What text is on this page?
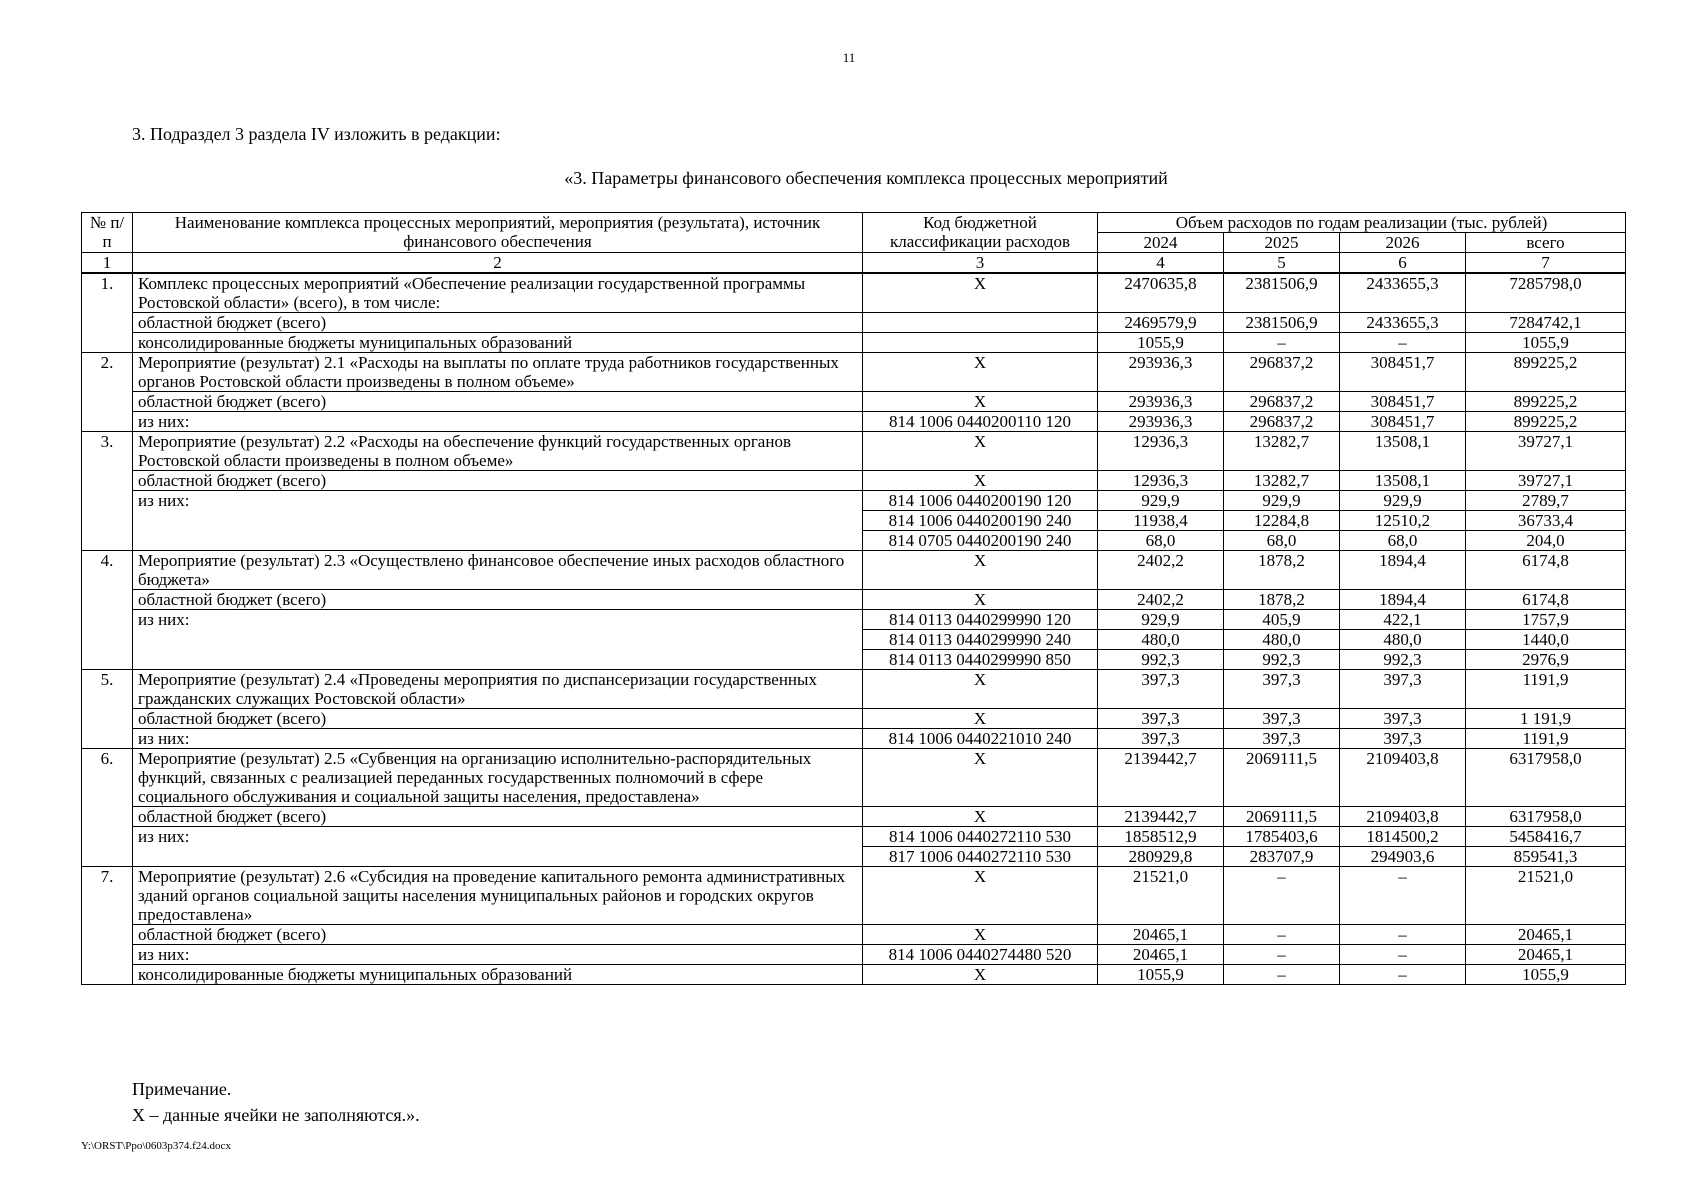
11
3. Подраздел 3 раздела IV изложить в редакции:
«3. Параметры финансового обеспечения комплекса процессных мероприятий
№ п/п	Наименование комплекса процессных мероприятий, мероприятия (результата), источник финансового обеспечения	Код бюджетной классификации расходов	Объем расходов по годам реализации (тыс. рублей)			
			2024	2025	2026	всего
1	2	3	4	5	6	7
1.	Комплекс процессных мероприятий «Обеспечение реализации государственной программы Ростовской области» (всего), в том числе:	X	2470635,8	2381506,9	2433655,3	7285798,0
	областной бюджет (всего)		2469579,9	2381506,9	2433655,3	7284742,1
	консолидированные бюджеты муниципальных образований		1055,9	–	–	1055,9
2.	Мероприятие (результат) 2.1 «Расходы на выплаты по оплате труда работников государственных органов Ростовской области произведены в полном объеме»	X	293936,3	296837,2	308451,7	899225,2
	областной бюджет (всего)	X	293936,3	296837,2	308451,7	899225,2
	из них:	814 1006 0440200110 120	293936,3	296837,2	308451,7	899225,2
3.	Мероприятие (результат) 2.2 «Расходы на обеспечение функций государственных органов Ростовской области произведены в полном объеме»	X	12936,3	13282,7	13508,1	39727,1
	областной бюджет (всего)	X	12936,3	13282,7	13508,1	39727,1
	из них:	814 1006 0440200190 120	929,9	929,9	929,9	2789,7
		814 1006 0440200190 240	11938,4	12284,8	12510,2	36733,4
		814 0705 0440200190 240	68,0	68,0	68,0	204,0
4.	Мероприятие (результат) 2.3 «Осуществлено финансовое обеспечение иных расходов областного бюджета»	X	2402,2	1878,2	1894,4	6174,8
	областной бюджет (всего)	X	2402,2	1878,2	1894,4	6174,8
	из них:	814 0113 0440299990 120	929,9	405,9	422,1	1757,9
		814 0113 0440299990 240	480,0	480,0	480,0	1440,0
		814 0113 0440299990 850	992,3	992,3	992,3	2976,9
5.	Мероприятие (результат) 2.4 «Проведены мероприятия по диспансеризации государственных гражданских служащих Ростовской области»	X	397,3	397,3	397,3	1191,9
	областной бюджет (всего)	X	397,3	397,3	397,3	1 191,9
	из них:	814 1006 0440221010 240	397,3	397,3	397,3	1191,9
6.	Мероприятие (результат) 2.5 «Субвенция на организацию исполнительно-распорядительных функций, связанных с реализацией переданных государственных полномочий в сфере социального обслуживания и социальной защиты населения, предоставлена»	X	2139442,7	2069111,5	2109403,8	6317958,0
	областной бюджет (всего)	X	2139442,7	2069111,5	2109403,8	6317958,0
	из них:	814 1006 0440272110 530	1858512,9	1785403,6	1814500,2	5458416,7
		817 1006 0440272110 530	280929,8	283707,9	294903,6	859541,3
7.	Мероприятие (результат) 2.6 «Субсидия на проведение капитального ремонта административных зданий органов социальной защиты населения муниципальных районов и городских округов предоставлена»	X	21521,0	–	–	21521,0
	областной бюджет (всего)	X	20465,1	–	–	20465,1
	из них:	814 1006 0440274480 520	20465,1	–	–	20465,1
	консолидированные бюджеты муниципальных образований	X	1055,9	–	–	1055,9
Примечание.
X – данные ячейки не заполняются.».
Y:\ORST\Ppo\0603p374.f24.docx
